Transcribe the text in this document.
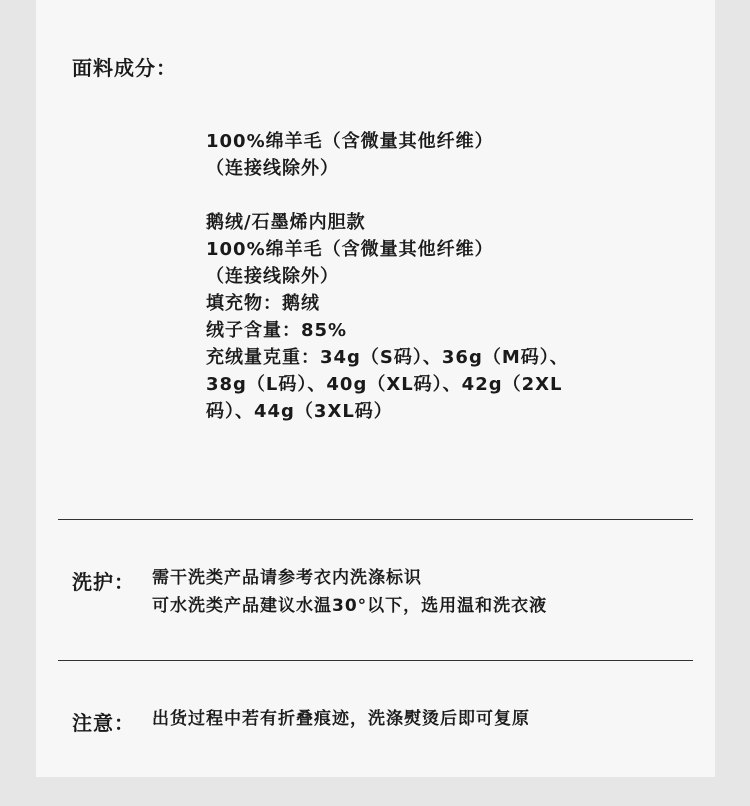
面料成分：
100%绵羊毛（含微量其他纤维）
（连接线除外）
鹅绒/石墨烯内胆款
100%绵羊毛（含微量其他纤维）
（连接线除外）
填充物：鹅绒
绒子含量：85%
充绒量克重：34g（S码）、36g（M码）、
38g（L码）、40g（XL码）、42g（2XL
码）、44g（3XL码）
洗护： 需干洗类产品请参考衣内洗涤标识
可水洗类产品建议水温30°以下，选用温和洗衣液
注意： 出货过程中若有折叠痕迹，洗涤熨烫后即可复原
